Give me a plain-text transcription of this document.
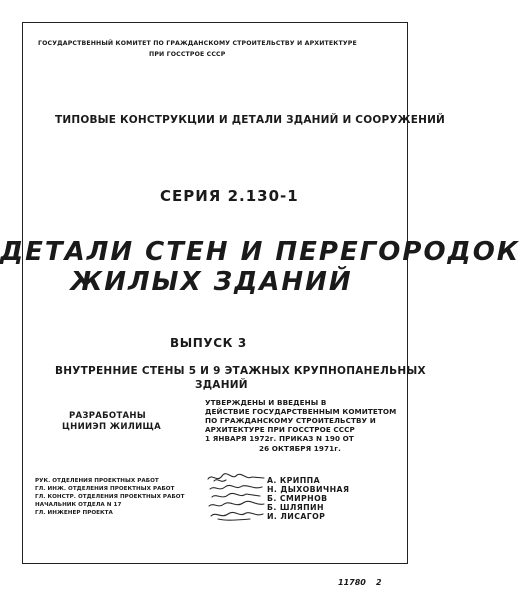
ГОСУДАРСТВЕННЫЙ КОМИТЕТ ПО ГРАЖДАНСКОМУ СТРОИТЕЛЬСТВУ И АРХИТЕКТУРЕ
ПРИ ГОССТРОЕ СССР
ТИПОВЫЕ КОНСТРУКЦИИ И ДЕТАЛИ ЗДАНИЙ И СООРУЖЕНИЙ
СЕРИЯ 2.130-1
ДЕТАЛИ СТЕН И ПЕРЕГОРОДОК
ЖИЛЫХ ЗДАНИЙ
ВЫПУСК 3
ВНУТРЕННИЕ СТЕНЫ 5 И 9 ЭТАЖНЫХ КРУПНОПАНЕЛЬНЫХ
ЗДАНИЙ
РАЗРАБОТАНЫ
ЦНИИЭП ЖИЛИЩА
УТВЕРЖДЕНЫ И ВВЕДЕНЫ В
ДЕЙСТВИЕ ГОСУДАРСТВЕННЫМ КОМИТЕТОМ
ПО ГРАЖДАНСКОМУ СТРОИТЕЛЬСТВУ И
АРХИТЕКТУРЕ ПРИ ГОССТРОЕ СССР
1 ЯНВАРЯ 1972г. ПРИКАЗ N 190 ОТ
26 ОКТЯБРЯ 1971г.
РУК. ОТДЕЛЕНИЯ ПРОЕКТНЫХ РАБОТ
ГЛ. ИНЖ. ОТДЕЛЕНИЯ ПРОЕКТНЫХ РАБОТ
ГЛ. КОНСТР. ОТДЕЛЕНИЯ ПРОЕКТНЫХ РАБОТ
НАЧАЛЬНИК ОТДЕЛА N 17
ГЛ. ИНЖЕНЕР ПРОЕКТА
А. КРИППА
Н. ДЫХОВИЧНАЯ
Б. СМИРНОВ
Б. ШЛЯПИН
И. ЛИСАГОР
11780 2
